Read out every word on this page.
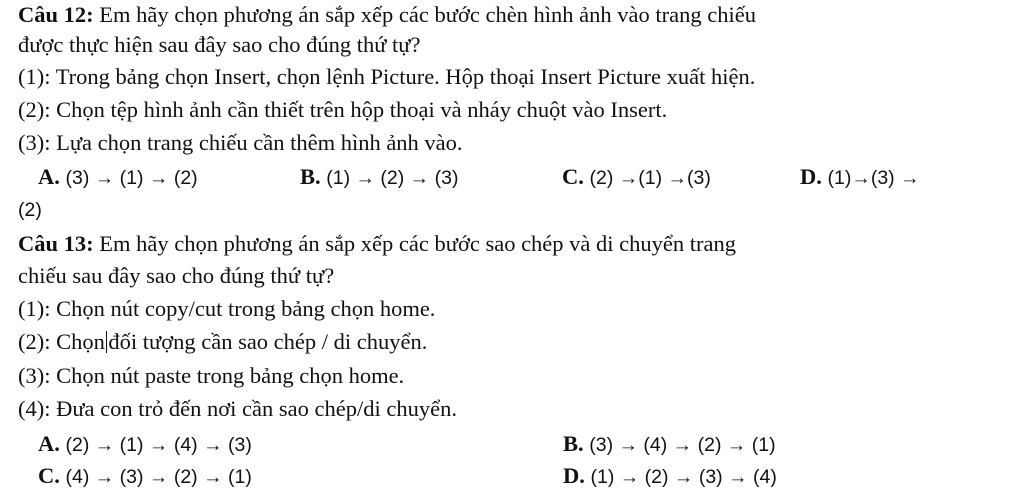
Câu 12: Em hãy chọn phương án sắp xếp các bước chèn hình ảnh vào trang chiếu
được thực hiện sau đây sao cho đúng thứ tự?
(1): Trong bảng chọn Insert, chọn lệnh Picture. Hộp thoại Insert Picture xuất hiện.
(2): Chọn tệp hình ảnh cần thiết trên hộp thoại và nháy chuột vào Insert.
(3): Lựa chọn trang chiếu cần thêm hình ảnh vào.
A. (3) → (1) → (2)	B. (1) → (2) → (3)	C. (2) →(1) →(3)	D. (1)→(3) →
(2)
Câu 13: Em hãy chọn phương án sắp xếp các bước sao chép và di chuyển trang
chiếu sau đây sao cho đúng thứ tự?
(1): Chọn nút copy/cut trong bảng chọn home.
(2): Chọn đối tượng cần sao chép / di chuyển.
(3): Chọn nút paste trong bảng chọn home.
(4): Đưa con trỏ đến nơi cần sao chép/di chuyển.
A. (2) → (1) → (4) → (3)	B. (3) → (4) → (2) → (1)
C. (4) → (3) → (2) → (1)	D. (1) → (2) → (3) → (4)
